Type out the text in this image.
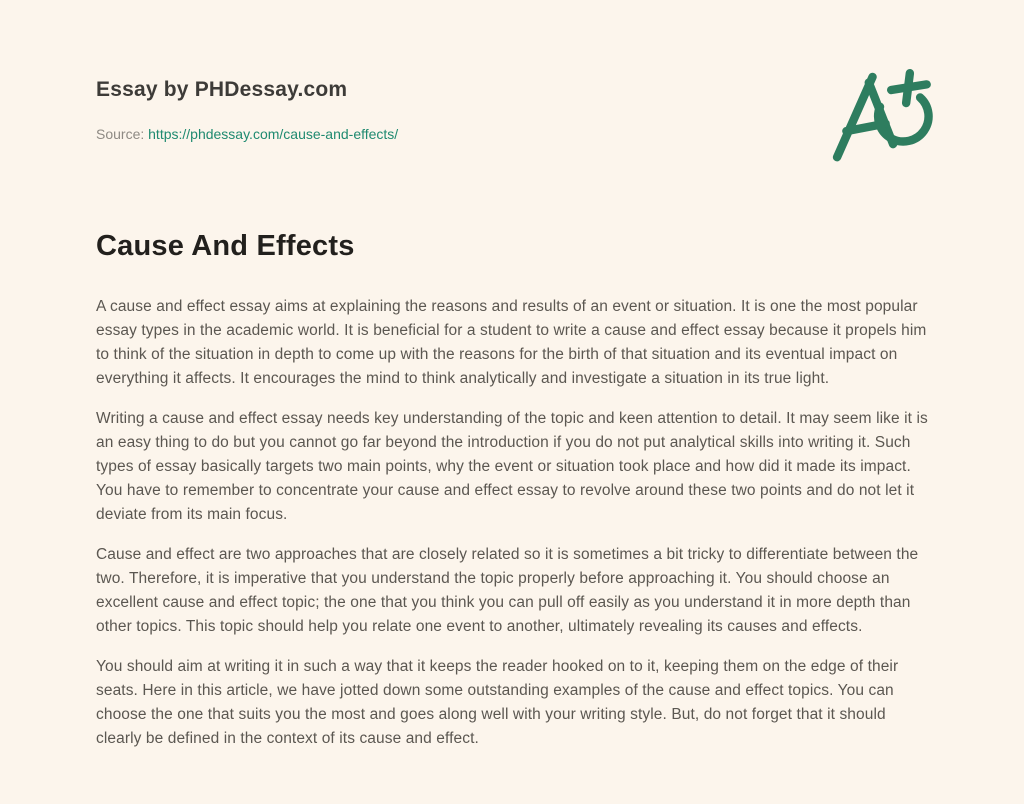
Essay by PHDessay.com
Source: https://phdessay.com/cause-and-effects/
Cause And Effects

A cause and effect essay aims at explaining the reasons and results of an event or situation. It is one the most popular essay types in the academic world. It is beneficial for a student to write a cause and effect essay because it propels him to think of the situation in depth to come up with the reasons for the birth of that situation and its eventual impact on everything it affects. It encourages the mind to think analytically and investigate a situation in its true light.

Writing a cause and effect essay needs key understanding of the topic and keen attention to detail. It may seem like it is an easy thing to do but you cannot go far beyond the introduction if you do not put analytical skills into writing it. Such types of essay basically targets two main points, why the event or situation took place and how did it made its impact. You have to remember to concentrate your cause and effect essay to revolve around these two points and do not let it deviate from its main focus.

Cause and effect are two approaches that are closely related so it is sometimes a bit tricky to differentiate between the two. Therefore, it is imperative that you understand the topic properly before approaching it. You should choose an excellent cause and effect topic; the one that you think you can pull off easily as you understand it in more depth than other topics. This topic should help you relate one event to another, ultimately revealing its causes and effects.

You should aim at writing it in such a way that it keeps the reader hooked on to it, keeping them on the edge of their seats. Here in this article, we have jotted down some outstanding examples of the cause and effect topics. You can choose the one that suits you the most and goes along well with your writing style. But, do not forget that it should clearly be defined in the context of its cause and effect.
